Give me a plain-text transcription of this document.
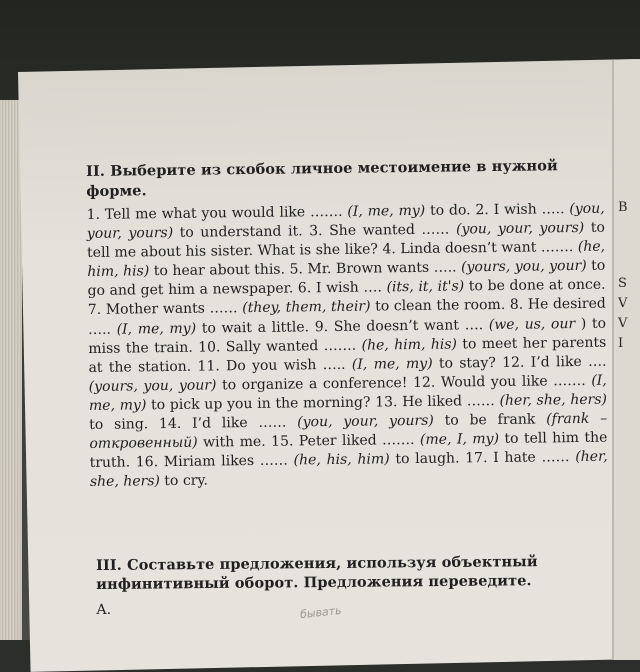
B
S
V
V
I
II. Выберите из скобок личное местоимение в нужной форме.

1. Tell me what you would like ……. (I, me, my) to do. 2. I wish ….. (you, your, yours) to understand it. 3. She wanted …… (you, your, yours) to tell me about his sister. What is she like? 4. Linda doesn’t want ……. (he, him, his) to hear about this. 5. Mr. Brown wants ….. (yours, you, your) to go and get him a newspaper. 6. I wish …. (its, it, it's) to be done at once. 7. Mother wants …… (they, them, their) to clean the room. 8. He desired ….. (I, me, my) to wait a little. 9. She doesn’t want …. (we, us, our ) to miss the train. 10. Sally wanted ……. (he, him, his) to meet her parents at the station. 11. Do you wish ….. (I, me, my) to stay? 12. I’d like …. (yours, you, your) to organize a conference! 12. Would you like ……. (I, me, my) to pick up you in the morning? 13. He liked …… (her, she, hers) to sing. 14. I’d like …… (you, your, yours) to be frank (frank – откровенный) with me. 15. Peter liked ……. (me, I, my) to tell him the truth. 16. Miriam likes …… (he, his, him) to laugh. 17. I hate …… (her, she, hers) to cry.

III. Составьте предложения, используя объектный инфинитивный оборот. Предложения переведите.
A.	бывать
